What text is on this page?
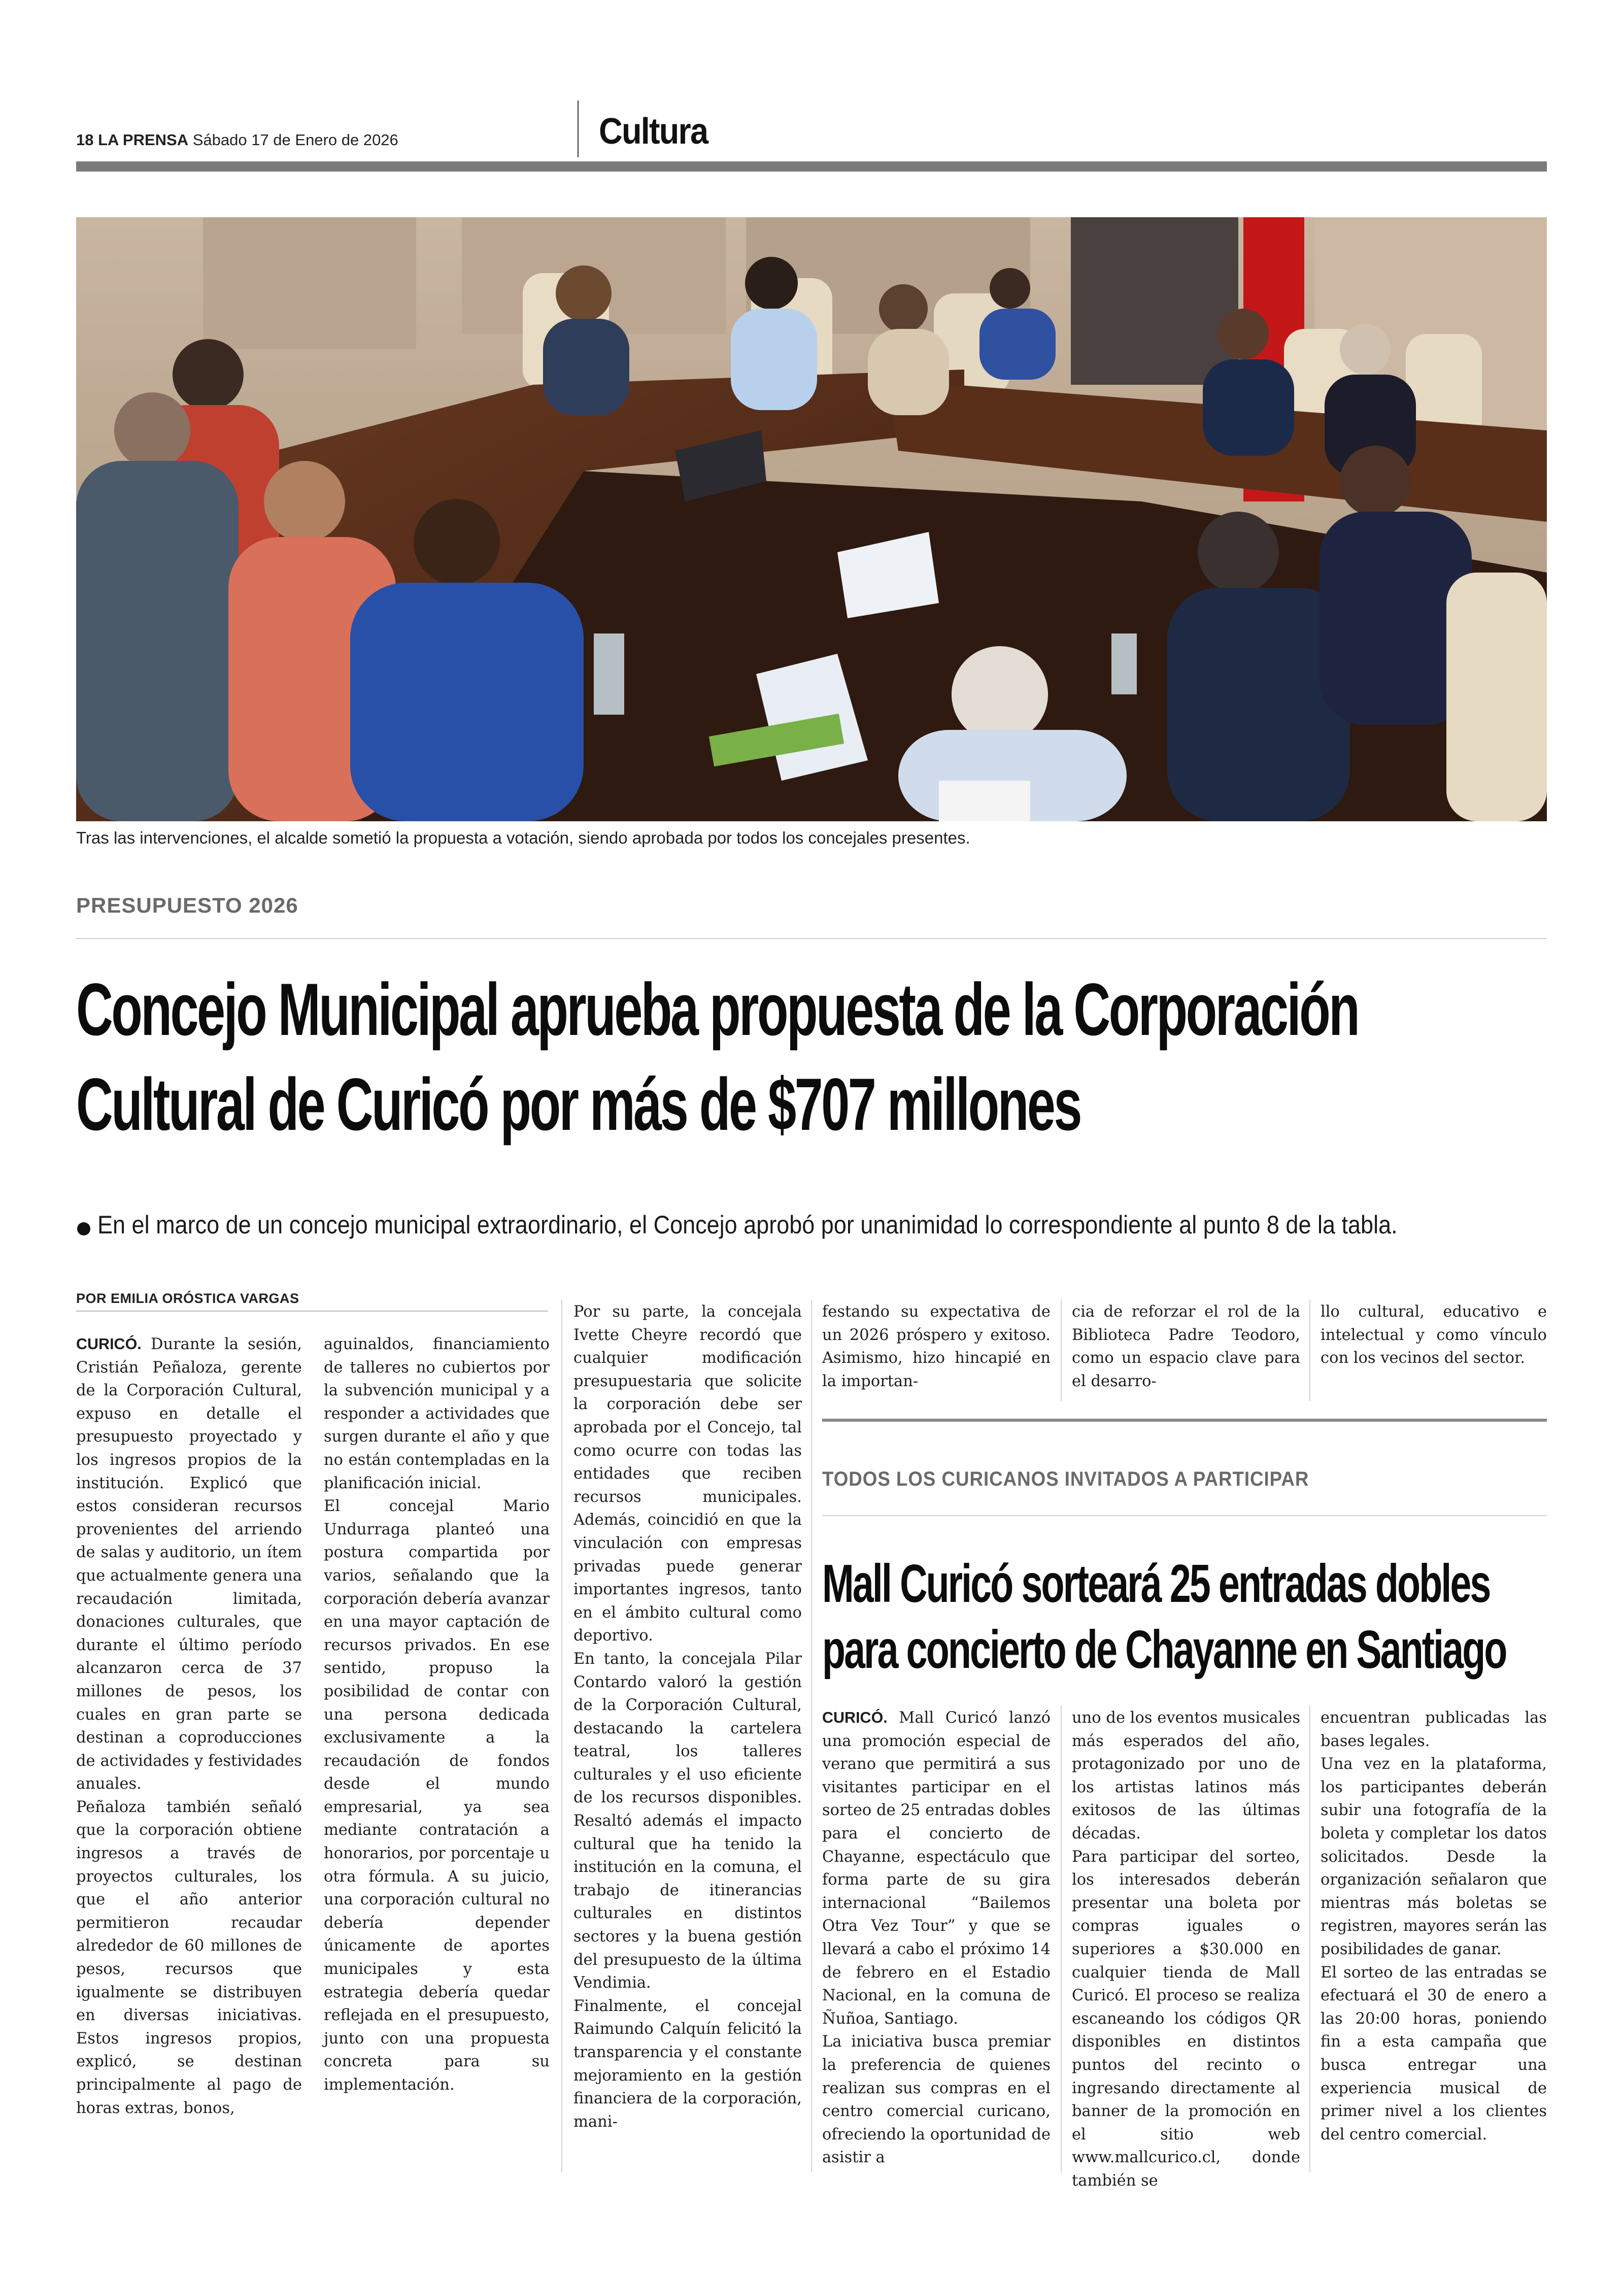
18 LA PRENSA Sábado 17 de Enero de 2026	Cultura
Tras las intervenciones, el alcalde sometió la propuesta a votación, siendo aprobada por todos los concejales presentes.
PRESUPUESTO 2026
Concejo Municipal aprueba propuesta de la Corporación
Cultural de Curicó por más de $707 millones
En el marco de un concejo municipal extraordinario, el Concejo aprobó por unanimidad lo correspondiente al punto 8 de la tabla.
POR EMILIA ORÓSTICA VARGAS

CURICÓ. Durante la sesión, Cristián Peñaloza, gerente de la Corporación Cultural, expuso en detalle el presupuesto proyectado y los ingresos propios de la institución. Explicó que estos consideran recursos provenientes del arriendo de salas y auditorio, un ítem que actualmente genera una recaudación limitada, donaciones culturales, que durante el último período alcanzaron cerca de 37 millones de pesos, los cuales en gran parte se destinan a coproducciones de actividades y festividades anuales.

Peñaloza también señaló que la corporación obtiene ingresos a través de proyectos culturales, los que el año anterior permitieron recaudar alrededor de 60 millones de pesos, recursos que igualmente se distribuyen en diversas iniciativas. Estos ingresos propios, explicó, se destinan principalmente al pago de horas extras, bonos,

aguinaldos, financiamiento de talleres no cubiertos por la subvención municipal y a responder a actividades que surgen durante el año y que no están contempladas en la planificación inicial.

El concejal Mario Undurraga planteó una postura compartida por varios, señalando que la corporación debería avanzar en una mayor captación de recursos privados. En ese sentido, propuso la posibilidad de contar con una persona dedicada exclusivamente a la recaudación de fondos desde el mundo empresarial, ya sea mediante contratación a honorarios, por porcentaje u otra fórmula. A su juicio, una corporación cultural no debería depender únicamente de aportes municipales y esta estrategia debería quedar reflejada en el presupuesto, junto con una propuesta concreta para su implementación.

Por su parte, la concejala Ivette Cheyre recordó que cualquier modificación presupuestaria que solicite la corporación debe ser aprobada por el Concejo, tal como ocurre con todas las entidades que reciben recursos municipales. Además, coincidió en que la vinculación con empresas privadas puede generar importantes ingresos, tanto en el ámbito cultural como deportivo.

En tanto, la concejala Pilar Contardo valoró la gestión de la Corporación Cultural, destacando la cartelera teatral, los talleres culturales y el uso eficiente de los recursos disponibles. Resaltó además el impacto cultural que ha tenido la institución en la comuna, el trabajo de itinerancias culturales en distintos sectores y la buena gestión del presupuesto de la última Vendimia.

Finalmente, el concejal Raimundo Calquín felicitó la transparencia y el constante mejoramiento en la gestión financiera de la corporación, mani-

festando su expectativa de un 2026 próspero y exitoso. Asimismo, hizo hincapié en la importan-

cia de reforzar el rol de la Biblioteca Padre Teodoro, como un espacio clave para el desarro-

llo cultural, educativo e intelectual y como vínculo con los vecinos del sector.

TODOS LOS CURICANOS INVITADOS A PARTICIPAR
Mall Curicó sorteará 25 entradas dobles
para concierto de Chayanne en Santiago

CURICÓ. Mall Curicó lanzó una promoción especial de verano que permitirá a sus visitantes participar en el sorteo de 25 entradas dobles para el concierto de Chayanne, espectáculo que forma parte de su gira internacional “Bailemos Otra Vez Tour” y que se llevará a cabo el próximo 14 de febrero en el Estadio Nacional, en la comuna de Ñuñoa, Santiago.

La iniciativa busca premiar la preferencia de quienes realizan sus compras en el centro comercial curicano, ofreciendo la oportunidad de asistir a

uno de los eventos musicales más esperados del año, protagonizado por uno de los artistas latinos más exitosos de las últimas décadas.

Para participar del sorteo, los interesados deberán presentar una boleta por compras iguales o superiores a $30.000 en cualquier tienda de Mall Curicó. El proceso se realiza escaneando los códigos QR disponibles en distintos puntos del recinto o ingresando directamente al banner de la promoción en el sitio web www.mallcurico.cl, donde también se

encuentran publicadas las bases legales.

Una vez en la plataforma, los participantes deberán subir una fotografía de la boleta y completar los datos solicitados. Desde la organización señalaron que mientras más boletas se registren, mayores serán las posibilidades de ganar.

El sorteo de las entradas se efectuará el 30 de enero a las 20:00 horas, poniendo fin a esta campaña que busca entregar una experiencia musical de primer nivel a los clientes del centro comercial.
